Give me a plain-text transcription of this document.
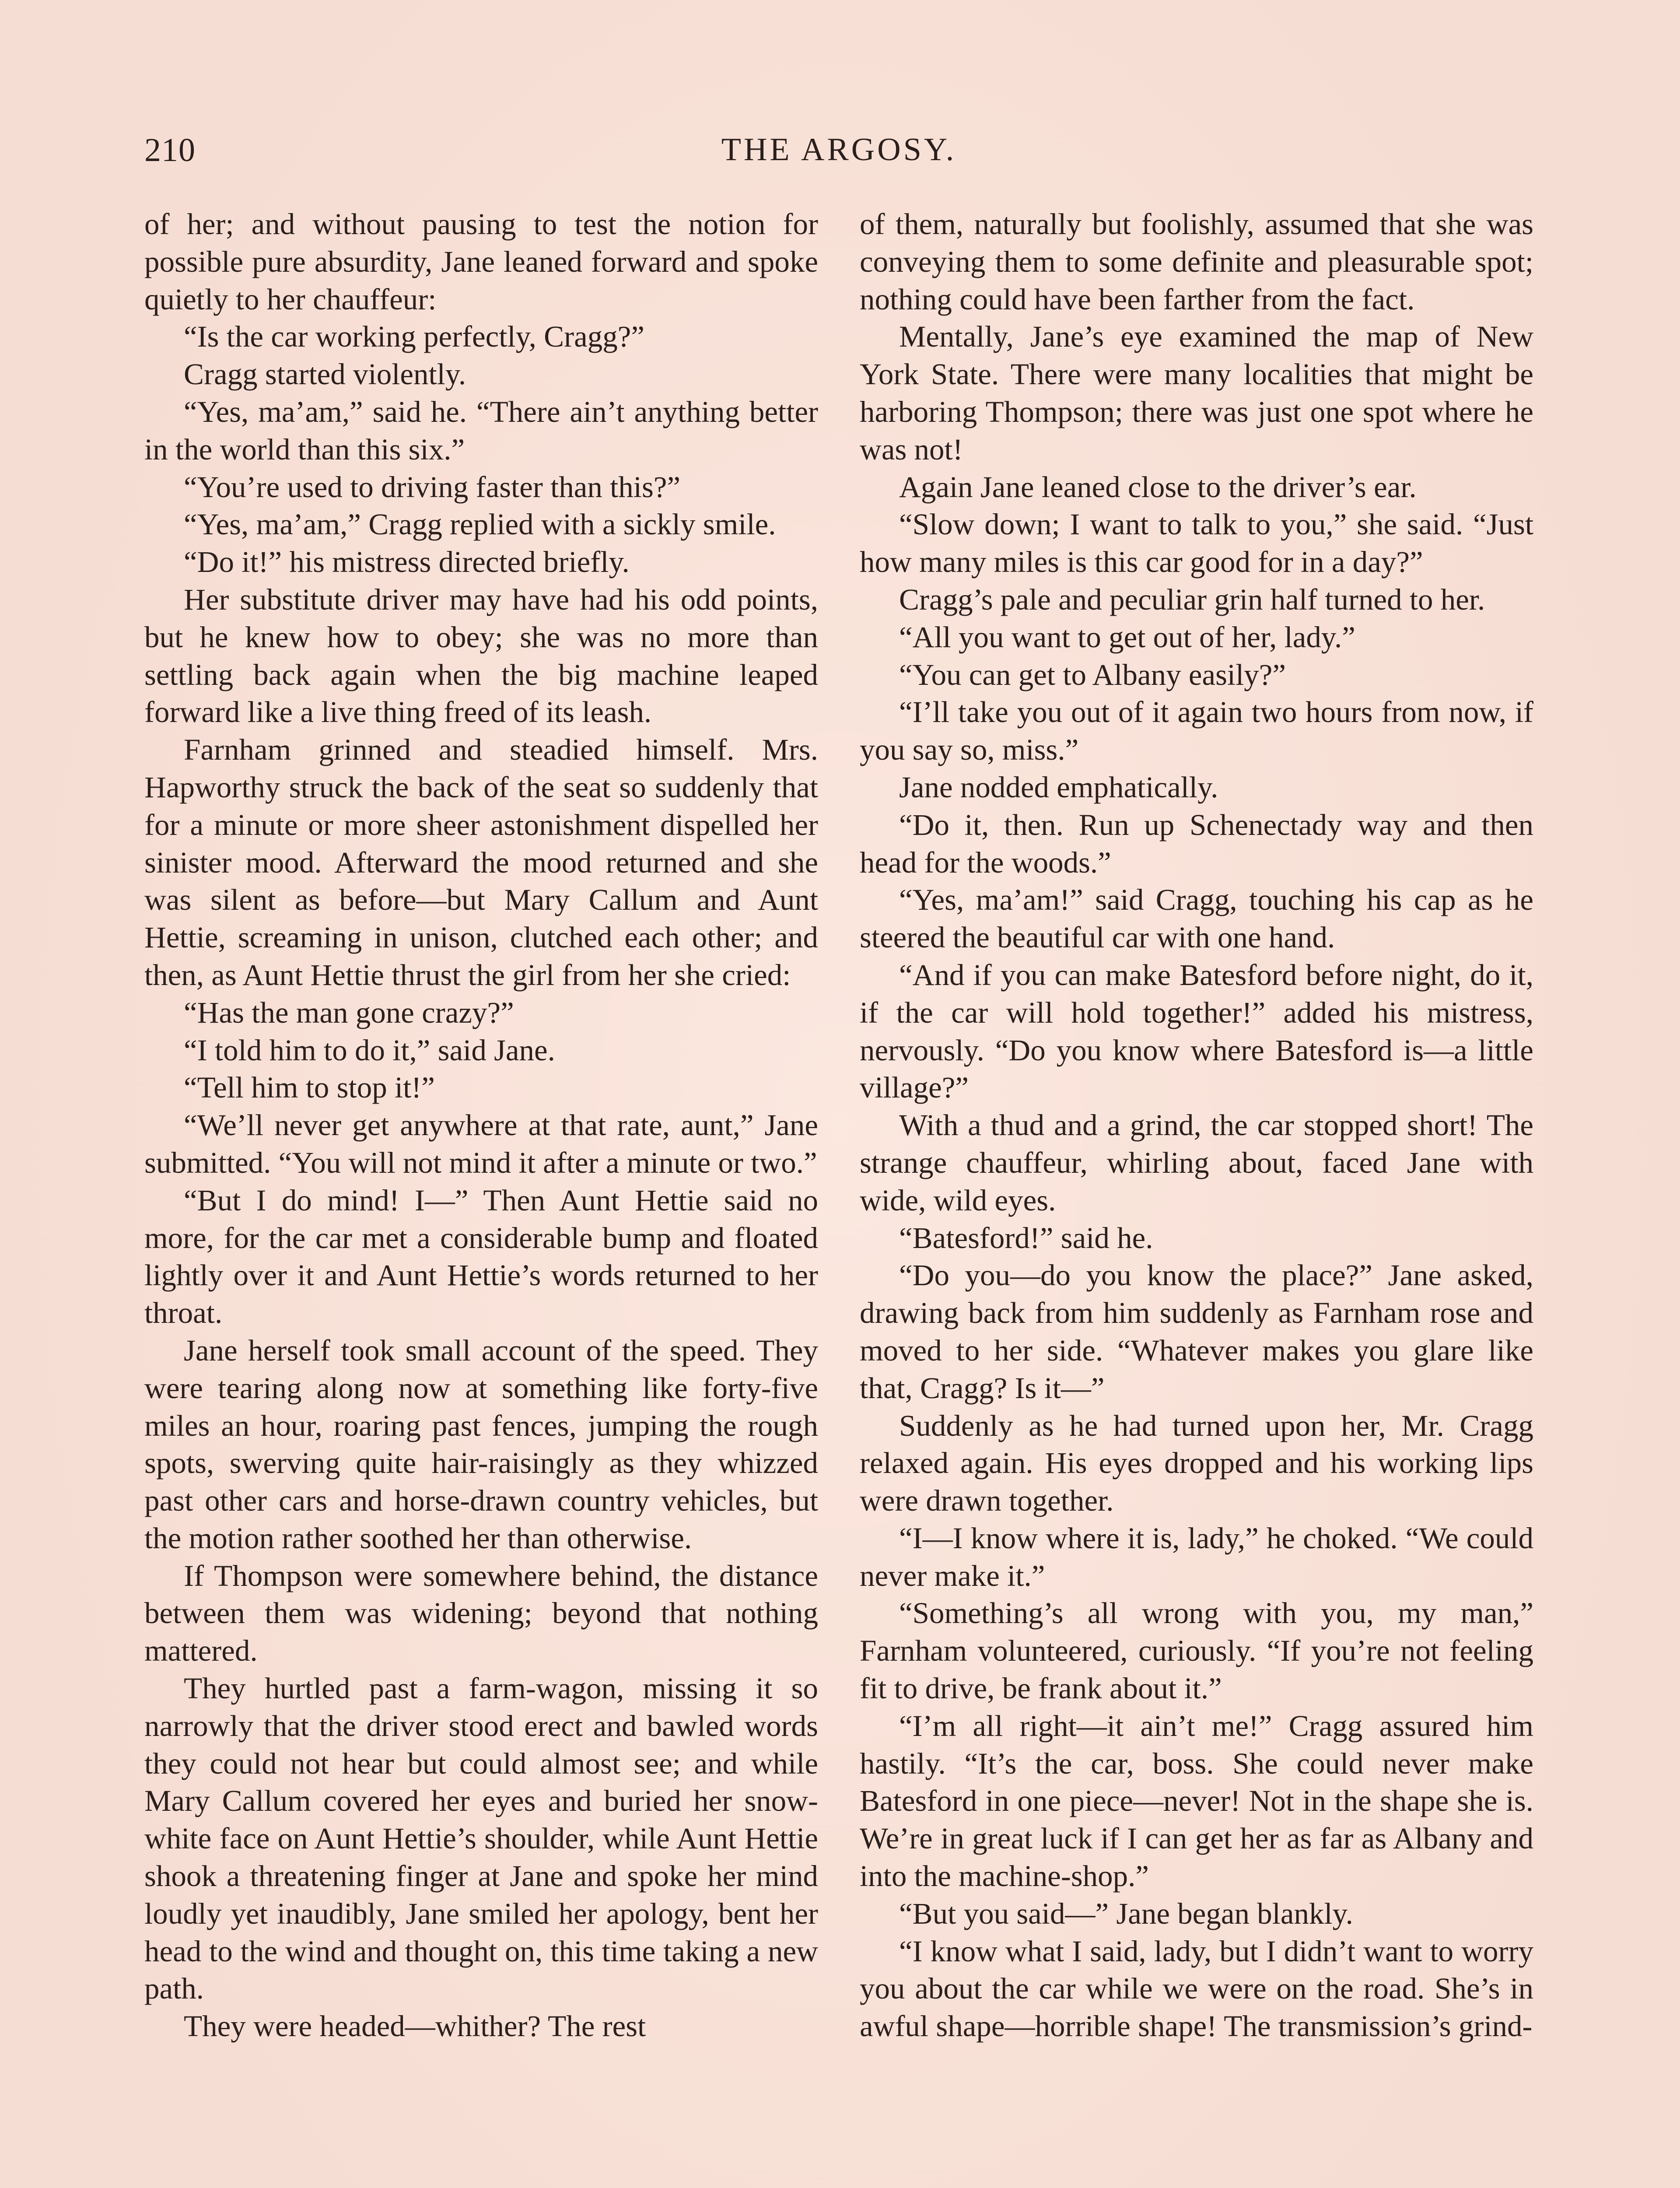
210	THE ARGOSY.

of her; and without pausing to test the notion for possible pure absurdity, Jane leaned forward and spoke quietly to her chauffeur:

“Is the car working perfectly, Cragg?”

Cragg started violently.

“Yes, ma’am,” said he. “There ain’t anything better in the world than this six.”

“You’re used to driving faster than this?”

“Yes, ma’am,” Cragg replied with a sickly smile.

“Do it!” his mistress directed briefly.

Her substitute driver may have had his odd points, but he knew how to obey; she was no more than settling back again when the big machine leaped forward like a live thing freed of its leash.

Farnham grinned and steadied himself. Mrs. Hapworthy struck the back of the seat so suddenly that for a minute or more sheer astonishment dispelled her sinister mood. Afterward the mood returned and she was silent as before—but Mary Callum and Aunt Hettie, screaming in unison, clutched each other; and then, as Aunt Hettie thrust the girl from her she cried:

“Has the man gone crazy?”

“I told him to do it,” said Jane.

“Tell him to stop it!”

“We’ll never get anywhere at that rate, aunt,” Jane submitted. “You will not mind it after a minute or two.”

“But I do mind! I—” Then Aunt Hettie said no more, for the car met a considerable bump and floated lightly over it and Aunt Hettie’s words returned to her throat.

Jane herself took small account of the speed. They were tearing along now at something like forty-five miles an hour, roaring past fences, jumping the rough spots, swerving quite hair-raisingly as they whizzed past other cars and horse-drawn country vehicles, but the motion rather soothed her than otherwise.

If Thompson were somewhere behind, the distance between them was widening; beyond that nothing mattered.

They hurtled past a farm-wagon, missing it so narrowly that the driver stood erect and bawled words they could not hear but could almost see; and while Mary Callum covered her eyes and buried her snow-white face on Aunt Hettie’s shoulder, while Aunt Hettie shook a threatening finger at Jane and spoke her mind loudly yet inaudibly, Jane smiled her apology, bent her head to the wind and thought on, this time taking a new path.

They were headed—whither? The rest

of them, naturally but foolishly, assumed that she was conveying them to some definite and pleasurable spot; nothing could have been farther from the fact.

Mentally, Jane’s eye examined the map of New York State. There were many localities that might be harboring Thompson; there was just one spot where he was not!

Again Jane leaned close to the driver’s ear.

“Slow down; I want to talk to you,” she said. “Just how many miles is this car good for in a day?”

Cragg’s pale and peculiar grin half turned to her.

“All you want to get out of her, lady.”

“You can get to Albany easily?”

“I’ll take you out of it again two hours from now, if you say so, miss.”

Jane nodded emphatically.

“Do it, then. Run up Schenectady way and then head for the woods.”

“Yes, ma’am!” said Cragg, touching his cap as he steered the beautiful car with one hand.

“And if you can make Batesford before night, do it, if the car will hold together!” added his mistress, nervously. “Do you know where Batesford is—a little village?”

With a thud and a grind, the car stopped short! The strange chauffeur, whirling about, faced Jane with wide, wild eyes.

“Batesford!” said he.

“Do you—do you know the place?” Jane asked, drawing back from him suddenly as Farnham rose and moved to her side. “Whatever makes you glare like that, Cragg? Is it—”

Suddenly as he had turned upon her, Mr. Cragg relaxed again. His eyes dropped and his working lips were drawn together.

“I—I know where it is, lady,” he choked. “We could never make it.”

“Something’s all wrong with you, my man,” Farnham volunteered, curiously. “If you’re not feeling fit to drive, be frank about it.”

“I’m all right—it ain’t me!” Cragg assured him hastily. “It’s the car, boss. She could never make Batesford in one piece—never! Not in the shape she is. We’re in great luck if I can get her as far as Albany and into the machine-shop.”

“But you said—” Jane began blankly.

“I know what I said, lady, but I didn’t want to worry you about the car while we were on the road. She’s in awful shape—horrible shape! The transmission’s grind-
